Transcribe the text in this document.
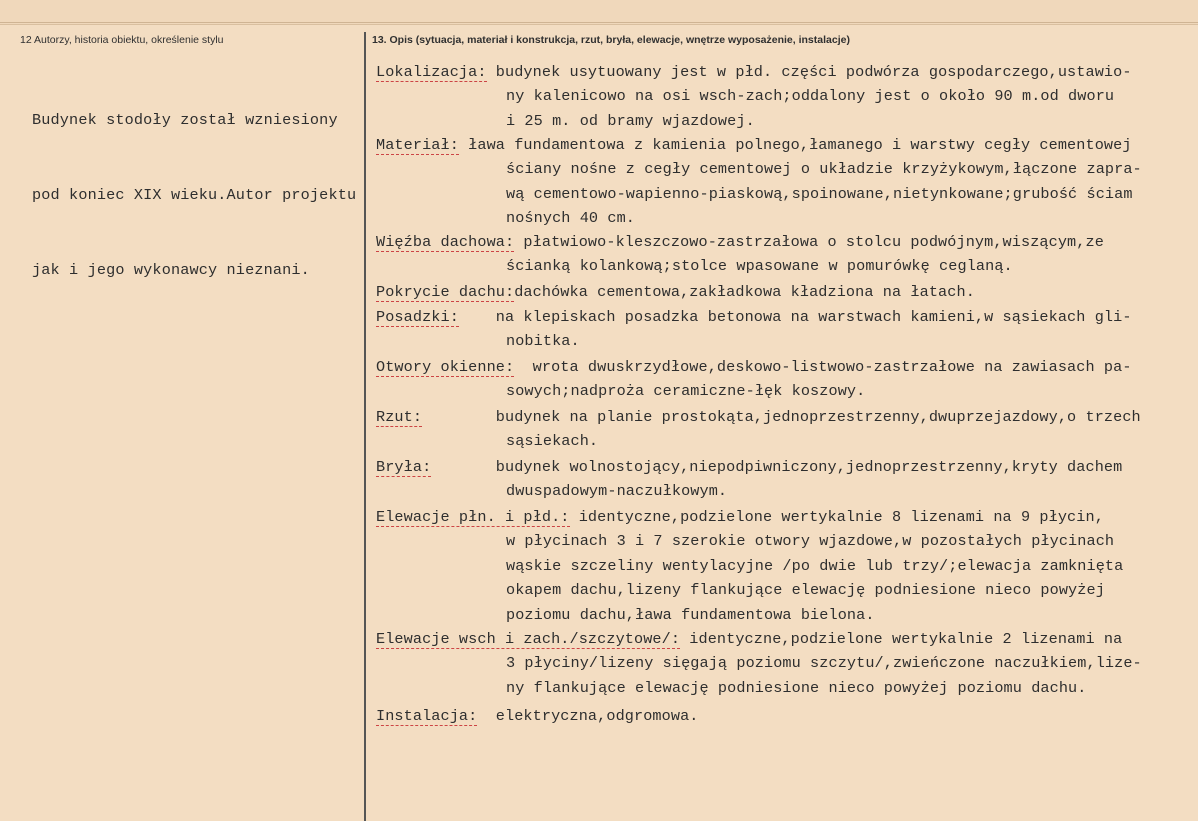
12 Autorzy, historia obiektu, określenie stylu	13. Opis (sytuacja, materiał i konstrukcja, rzut, bryła, elewacje, wnętrze wyposażenie, instalacje)

Budynek stodoły został wzniesiony

pod koniec XIX wieku.Autor projektu

jak i jego wykonawcy nieznani.

Lokalizacja: budynek usytuowany jest w płd. części podwórza gospodarczego,ustawio-
ny kalenicowo na osi wsch-zach;oddalony jest o około 90 m.od dworu
i 25 m. od bramy wjazdowej.
Materiał: ława fundamentowa z kamienia polnego,łamanego i warstwy cegły cementowej
ściany nośne z cegły cementowej o układzie krzyżykowym,łączone zapra-
wą cementowo-wapienno-piaskową,spoinowane,nietynkowane;grubość ściam
nośnych 40 cm.
Więźba dachowa: płatwiowo-kleszczowo-zastrzałowa o stolcu podwójnym,wiszącym,ze
ścianką kolankową;stolce wpasowane w pomurówkę ceglaną.
Pokrycie dachu:dachówka cementowa,zakładkowa kładziona na łatach.
Posadzki:    na klepiskach posadzka betonowa na warstwach kamieni,w sąsiekach gli-
nobitka.
Otwory okienne:  wrota dwuskrzydłowe,deskowo-listwowo-zastrzałowe na zawiasach pa-
sowych;nadproża ceramiczne-łęk koszowy.
Rzut:        budynek na planie prostokąta,jednoprzestrzenny,dwuprzejazdowy,o trzech
sąsiekach.
Bryła:       budynek wolnostojący,niepodpiwniczony,jednoprzestrzenny,kryty dachem
dwuspadowym-naczułkowym.
Elewacje płn. i płd.: identyczne,podzielone wertykalnie 8 lizenami na 9 płycin,
w płycinach 3 i 7 szerokie otwory wjazdowe,w pozostałych płycinach
wąskie szczeliny wentylacyjne /po dwie lub trzy/;elewacja zamknięta
okapem dachu,lizeny flankujące elewację podniesione nieco powyżej
poziomu dachu,ława fundamentowa bielona.
Elewacje wsch i zach./szczytowe/: identyczne,podzielone wertykalnie 2 lizenami na
3 płyciny/lizeny sięgają poziomu szczytu/,zwieńczone naczułkiem,lize-
ny flankujące elewację podniesione nieco powyżej poziomu dachu.
Instalacja:  elektryczna,odgromowa.
